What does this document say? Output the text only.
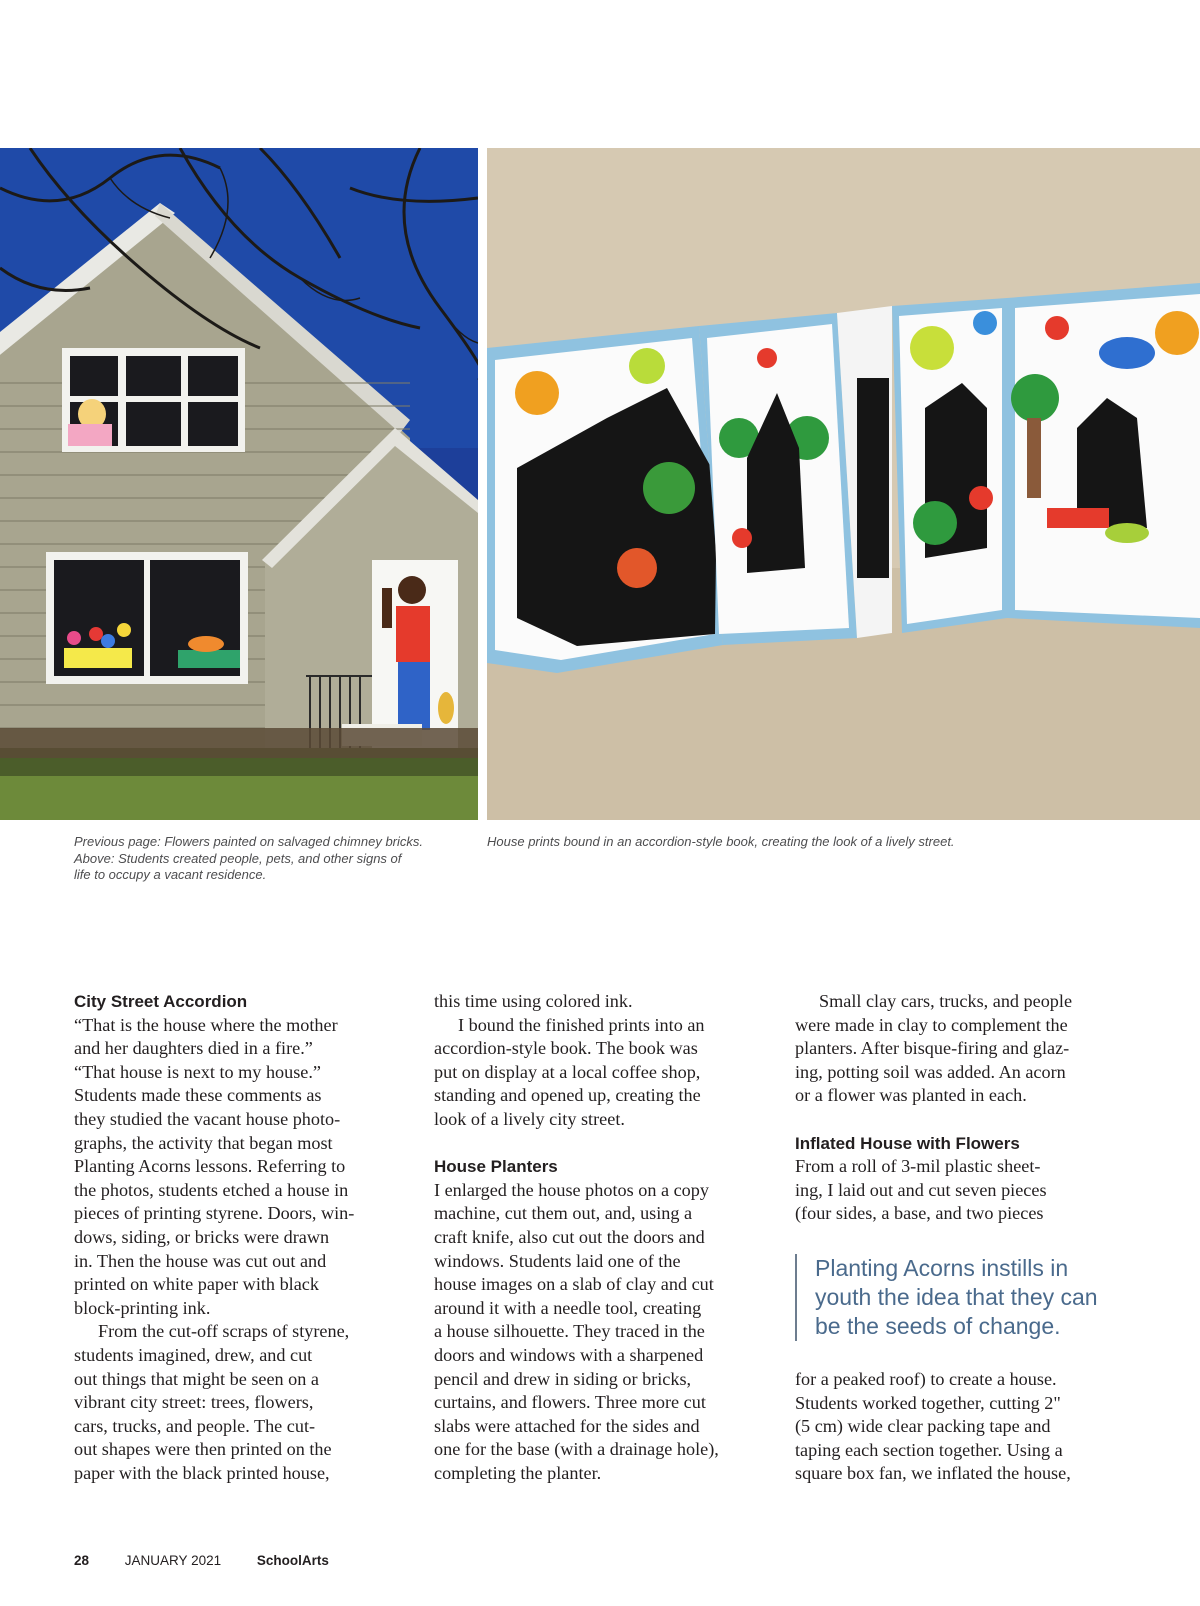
Previous page: Flowers painted on salvaged chimney bricks.
Above: Students created people, pets, and other signs of
life to occupy a vacant residence.
House prints bound in an accordion-style book, creating the look of a lively street.
City Street Accordion
“That is the house where the mother
and her daughters died in a fire.”
“That house is next to my house.”
Students made these comments as
they studied the vacant house photo-
graphs, the activity that began most
Planting Acorns lessons. Referring to
the photos, students etched a house in
pieces of printing styrene. Doors, win-
dows, siding, or bricks were drawn
in. Then the house was cut out and
printed on white paper with black
block-printing ink.
From the cut-off scraps of styrene,
students imagined, drew, and cut
out things that might be seen on a
vibrant city street: trees, flowers,
cars, trucks, and people. The cut-
out shapes were then printed on the
paper with the black printed house,
this time using colored ink.
I bound the finished prints into an
accordion-style book. The book was
put on display at a local coffee shop,
standing and opened up, creating the
look of a lively city street.
House Planters
I enlarged the house photos on a copy
machine, cut them out, and, using a
craft knife, also cut out the doors and
windows. Students laid one of the
house images on a slab of clay and cut
around it with a needle tool, creating
a house silhouette. They traced in the
doors and windows with a sharpened
pencil and drew in siding or bricks,
curtains, and flowers. Three more cut
slabs were attached for the sides and
one for the base (with a drainage hole),
completing the planter.
Small clay cars, trucks, and people
were made in clay to complement the
planters. After bisque-firing and glaz-
ing, potting soil was added. An acorn
or a flower was planted in each.
Inflated House with Flowers
From a roll of 3-mil plastic sheet-
ing, I laid out and cut seven pieces
(four sides, a base, and two pieces
Planting Acorns instills in
youth the idea that they can
be the seeds of change.
for a peaked roof) to create a house.
Students worked together, cutting 2"
(5 cm) wide clear packing tape and
taping each section together. Using a
square box fan, we inflated the house,
28	JANUARY 2021	SchoolArts
